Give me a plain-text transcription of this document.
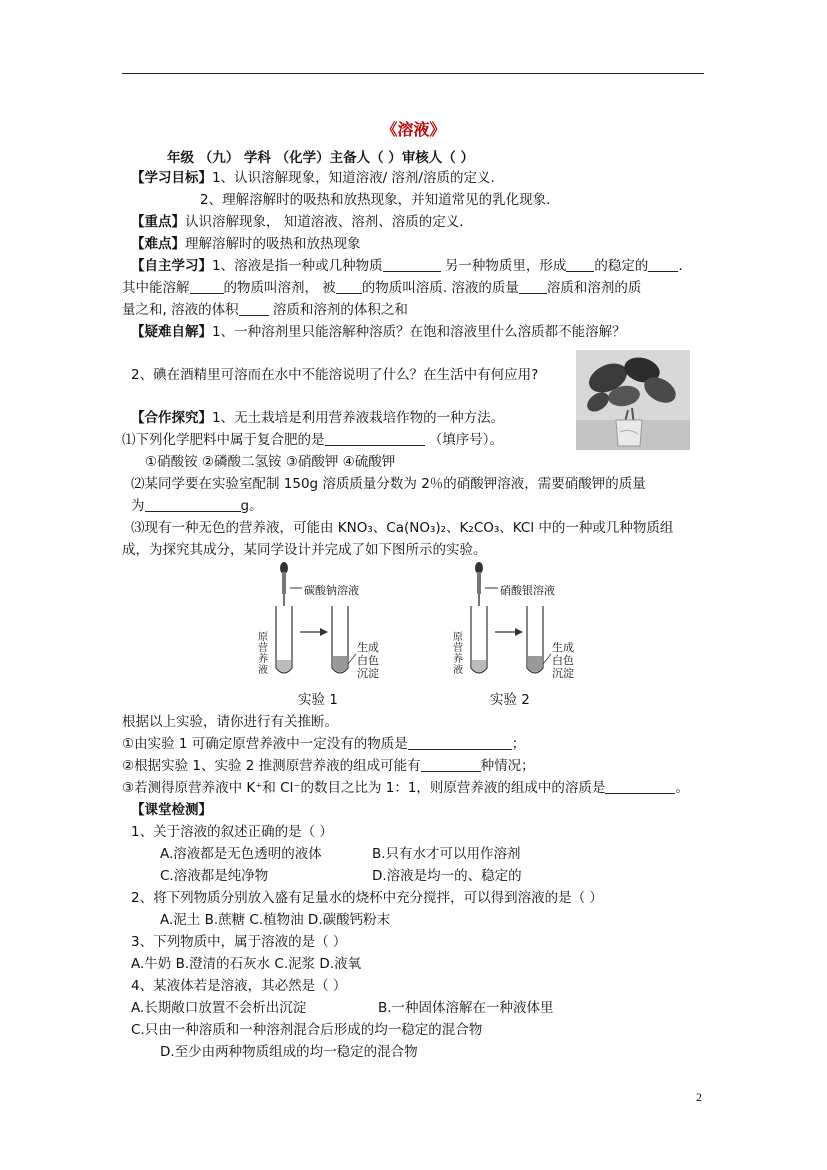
《溶液》
年级 （九） 学科 （化学）主备人（ ）审核人（ ）
【学习目标】1、认识溶解现象，知道溶液/ 溶剂/溶质的定义.
2、理解溶解时的吸热和放热现象，并知道常见的乳化现象.
【重点】认识溶解现象， 知道溶液、溶剂、溶质的定义.
【难点】理解溶解时的吸热和放热现象
【自主学习】1、溶液是指一种或几种物质	另一种物质里，形成 的稳定的 .
其中能溶解	的物质叫溶剂， 被 的物质叫溶质. 溶液的质量 溶质和溶剂的质
量之和, 溶液的体积	溶质和溶剂的体积之和
【疑难自解】1、一种溶剂里只能溶解种溶质？在饱和溶液里什么溶质都不能溶解？
2、碘在酒精里可溶而在水中不能溶说明了什么？在生活中有何应用?
【合作探究】1、无土栽培是利用营养液栽培作物的一种方法。
⑴下列化学肥料中属于复合肥的是	（填序号）。
①硝酸铵 ②磷酸二氢铵 ③硝酸钾 ④硫酸钾
⑵某同学要在实验室配制 150g 溶质质量分数为 2％的硝酸钾溶液，需要硝酸钾的质量
为	g。
⑶现有一种无色的营养液，可能由 KNO₃、Ca(NO₃)₂、K₂CO₃、KCl 中的一种或几种物质组
成，为探究其成分，某同学设计并完成了如下图所示的实验。
碳酸钠溶液	硝酸银溶液
原
营
养
液
原
营
养
液
生成
白色
沉淀
生成
白色
沉淀
实验 1	实验 2
根据以上实验，请你进行有关推断。
①由实验 1 可确定原营养液中一定没有的物质是	；
②根据实验 1、实验 2 推测原营养液的组成可能有	种情况；
③若测得原营养液中 K⁺和 Cl⁻的数目之比为 1：1，则原营养液的组成中的溶质是	。
【课堂检测】
1、关于溶液的叙述正确的是（ ）
A.溶液都是无色透明的液体	B.只有水才可以用作溶剂
C.溶液都是纯净物	D.溶液是均一的、稳定的
2、将下列物质分别放入盛有足量水的烧杯中充分搅拌，可以得到溶液的是（ ）
A.泥土 B.蔗糖 C.植物油 D.碳酸钙粉末
3、下列物质中，属于溶液的是（ ）
A.牛奶 B.澄清的石灰水 C.泥浆 D.液氧
4、某液体若是溶液，其必然是（ ）
A.长期敞口放置不会析出沉淀	B.一种固体溶解在一种液体里
C.只由一种溶质和一种溶剂混合后形成的均一稳定的混合物
D.至少由两种物质组成的均一稳定的混合物
2
